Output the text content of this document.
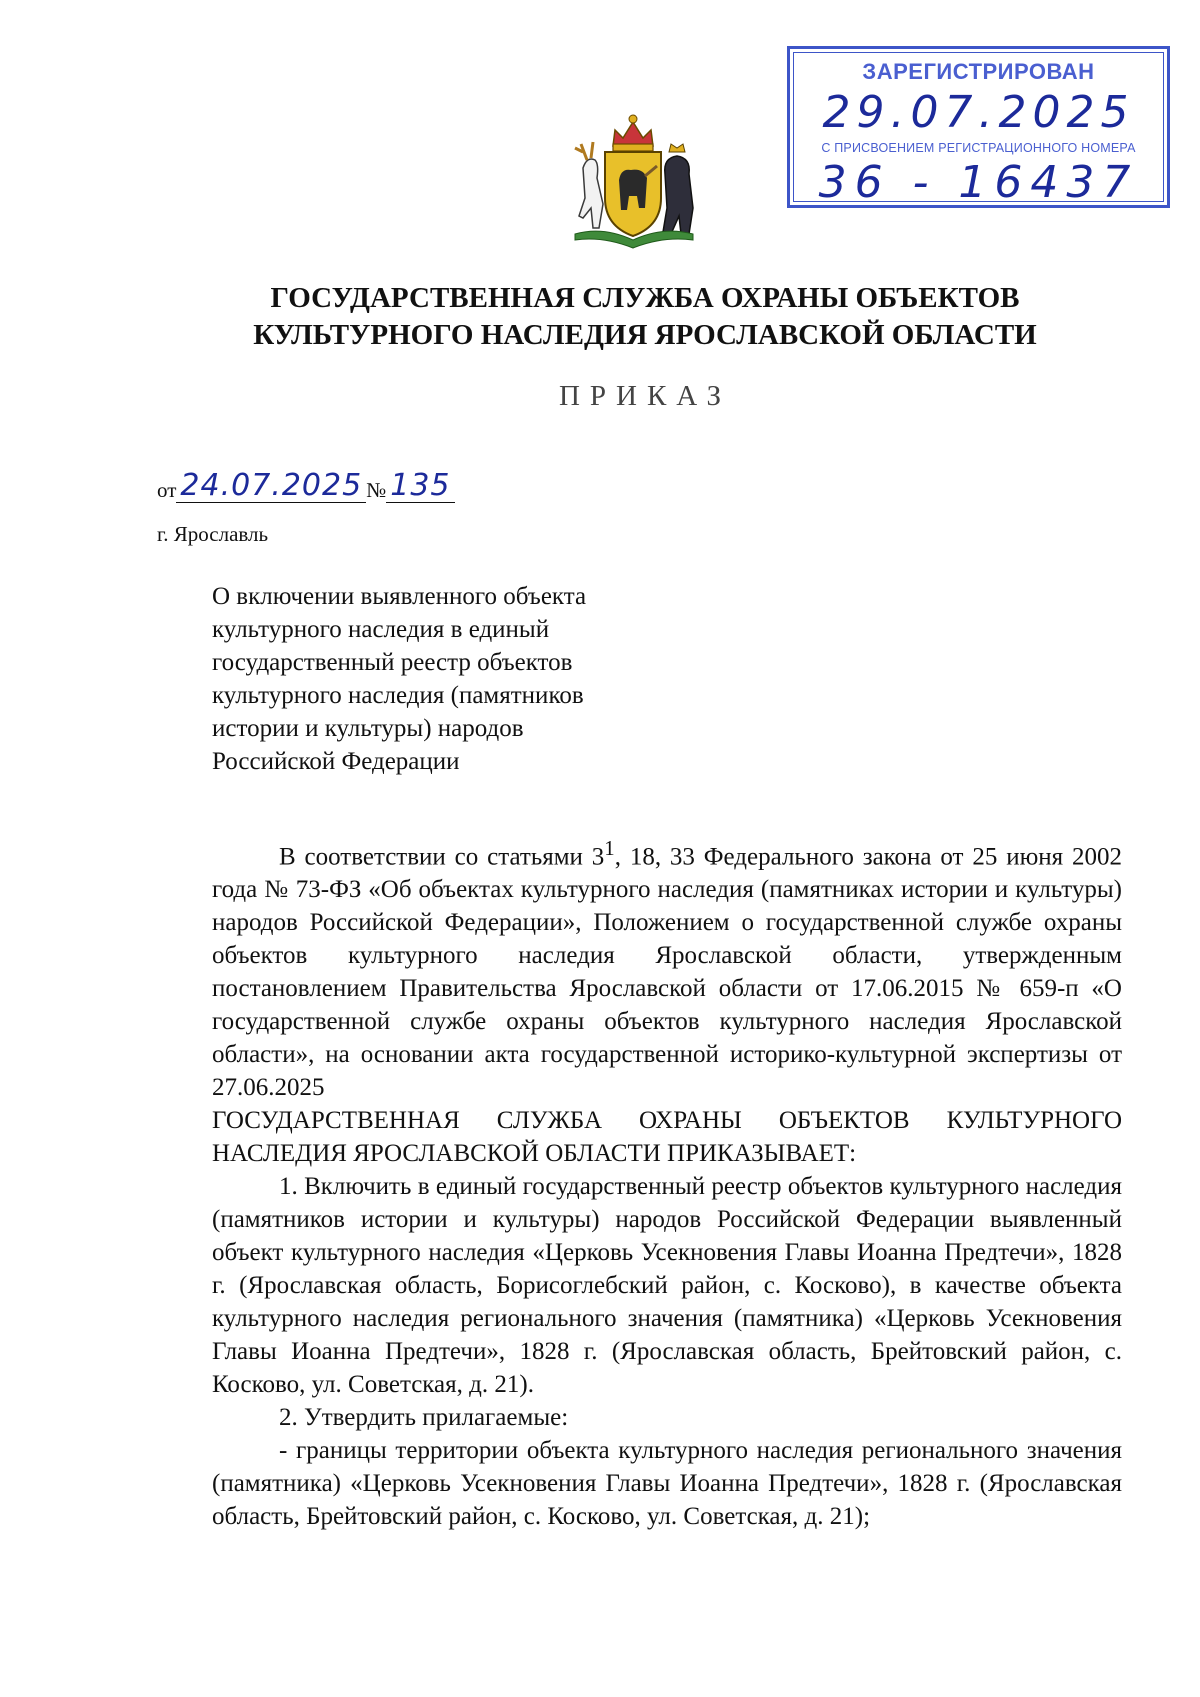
ЗАРЕГИСТРИРОВАН
29.07.2025
С ПРИСВОЕНИЕМ РЕГИСТРАЦИОННОГО НОМЕРА
36 - 16437
ГОСУДАРСТВЕННАЯ СЛУЖБА ОХРАНЫ ОБЪЕКТОВ
КУЛЬТУРНОГО НАСЛЕДИЯ ЯРОСЛАВСКОЙ ОБЛАСТИ
ПРИКАЗ
от 24.07.2025 № 135
г. Ярославль
О включении выявленного объекта культурного наследия в единый государственный реестр объектов культурного наследия (памятников истории и культуры) народов Российской Федерации

В соответствии со статьями $3^1$, 18, 33 Федерального закона от 25 июня 2002 года № 73-ФЗ «Об объектах культурного наследия (памятниках истории и культуры) народов Российской Федерации», Положением о государственной службе охраны объектов культурного наследия Ярославской области, утвержденным постановлением Правительства Ярославской области от 17.06.2015 № 659-п «О государственной службе охраны объектов культурного наследия Ярославской области», на основании акта государственной историко-культурной экспертизы от 27.06.2025

ГОСУДАРСТВЕННАЯ СЛУЖБА ОХРАНЫ ОБЪЕКТОВ КУЛЬТУРНОГО НАСЛЕДИЯ ЯРОСЛАВСКОЙ ОБЛАСТИ ПРИКАЗЫВАЕТ:

1. Включить в единый государственный реестр объектов культурного наследия (памятников истории и культуры) народов Российской Федерации выявленный объект культурного наследия «Церковь Усекновения Главы Иоанна Предтечи», 1828 г. (Ярославская область, Борисоглебский район, с. Косково), в качестве объекта культурного наследия регионального значения (памятника) «Церковь Усекновения Главы Иоанна Предтечи», 1828 г. (Ярославская область, Брейтовский район, с. Косково, ул. Советская, д. 21).

2. Утвердить прилагаемые:

- границы территории объекта культурного наследия регионального значения (памятника) «Церковь Усекновения Главы Иоанна Предтечи», 1828 г. (Ярославская область, Брейтовский район, с. Косково, ул. Советская, д. 21);
